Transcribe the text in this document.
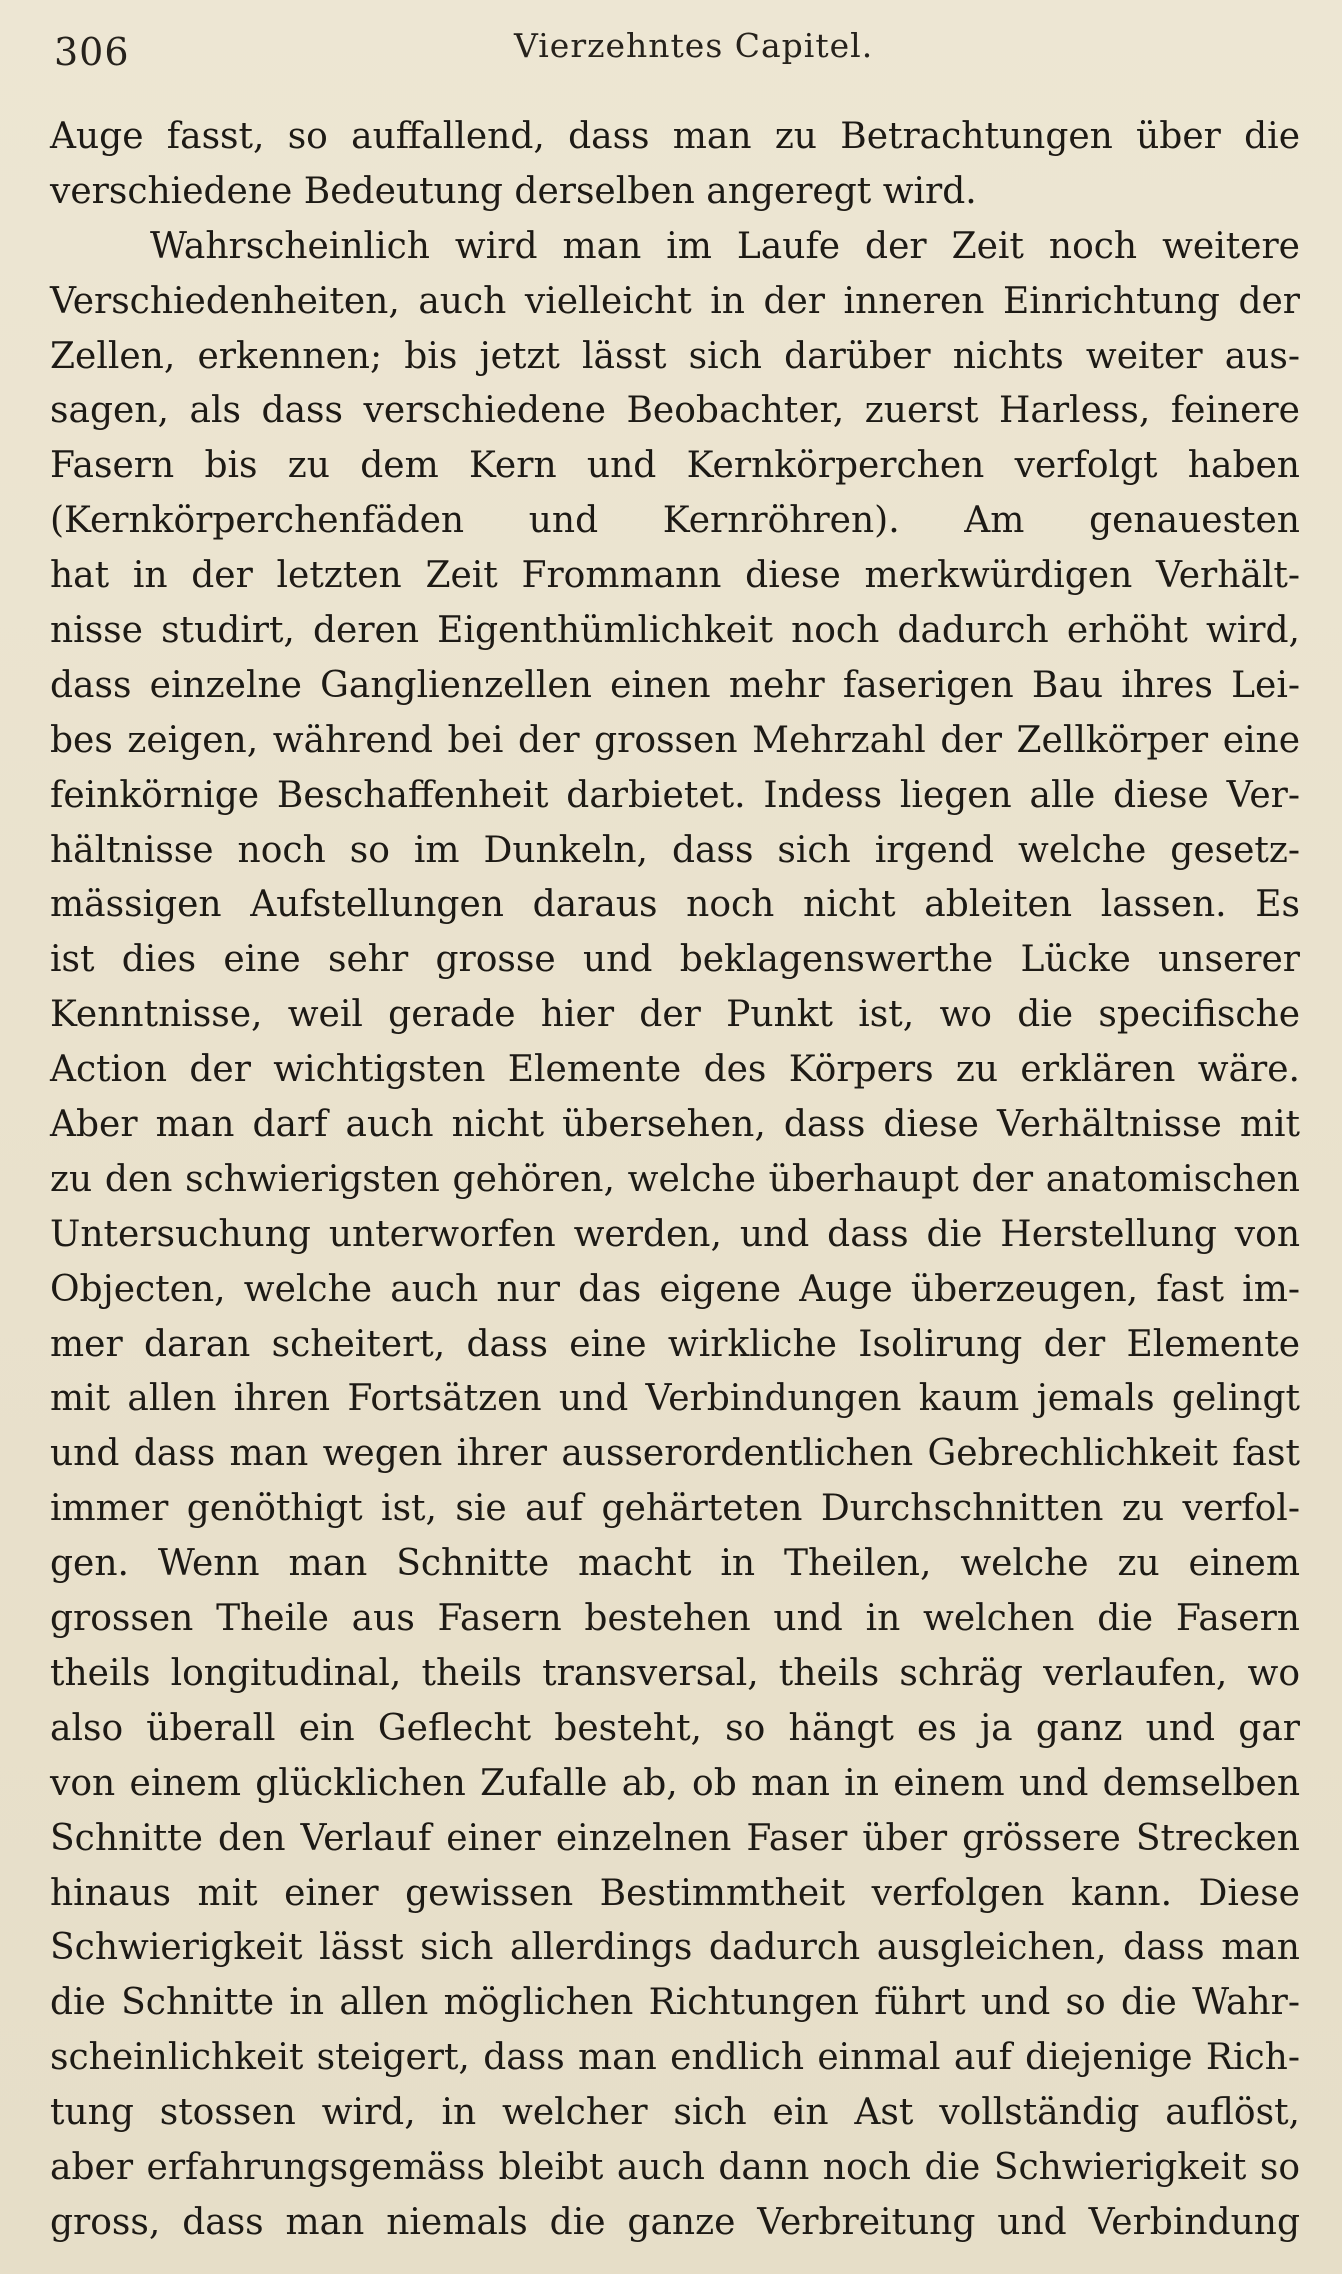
306	Vierzehntes Capitel.
Auge fasst, so auffallend, dass man zu Betrachtungen über die
verschiedene Bedeutung derselben angeregt wird.
Wahrscheinlich wird man im Laufe der Zeit noch weitere
Verschiedenheiten, auch vielleicht in der inneren Einrichtung der
Zellen, erkennen; bis jetzt lässt sich darüber nichts weiter aus-
sagen, als dass verschiedene Beobachter, zuerst Harless, feinere
Fasern bis zu dem Kern und Kernkörperchen verfolgt haben
(Kernkörperchenfäden und Kernröhren). Am genauesten
hat in der letzten Zeit Frommann diese merkwürdigen Verhält-
nisse studirt, deren Eigenthümlichkeit noch dadurch erhöht wird,
dass einzelne Ganglienzellen einen mehr faserigen Bau ihres Lei-
bes zeigen, während bei der grossen Mehrzahl der Zellkörper eine
feinkörnige Beschaffenheit darbietet. Indess liegen alle diese Ver-
hältnisse noch so im Dunkeln, dass sich irgend welche gesetz-
mässigen Aufstellungen daraus noch nicht ableiten lassen. Es
ist dies eine sehr grosse und beklagenswerthe Lücke unserer
Kenntnisse, weil gerade hier der Punkt ist, wo die specifische
Action der wichtigsten Elemente des Körpers zu erklären wäre.
Aber man darf auch nicht übersehen, dass diese Verhältnisse mit
zu den schwierigsten gehören, welche überhaupt der anatomischen
Untersuchung unterworfen werden, und dass die Herstellung von
Objecten, welche auch nur das eigene Auge überzeugen, fast im-
mer daran scheitert, dass eine wirkliche Isolirung der Elemente
mit allen ihren Fortsätzen und Verbindungen kaum jemals gelingt
und dass man wegen ihrer ausserordentlichen Gebrechlichkeit fast
immer genöthigt ist, sie auf gehärteten Durchschnitten zu verfol-
gen. Wenn man Schnitte macht in Theilen, welche zu einem
grossen Theile aus Fasern bestehen und in welchen die Fasern
theils longitudinal, theils transversal, theils schräg verlaufen, wo
also überall ein Geflecht besteht, so hängt es ja ganz und gar
von einem glücklichen Zufalle ab, ob man in einem und demselben
Schnitte den Verlauf einer einzelnen Faser über grössere Strecken
hinaus mit einer gewissen Bestimmtheit verfolgen kann. Diese
Schwierigkeit lässt sich allerdings dadurch ausgleichen, dass man
die Schnitte in allen möglichen Richtungen führt und so die Wahr-
scheinlichkeit steigert, dass man endlich einmal auf diejenige Rich-
tung stossen wird, in welcher sich ein Ast vollständig auflöst,
aber erfahrungsgemäss bleibt auch dann noch die Schwierigkeit so
gross, dass man niemals die ganze Verbreitung und Verbindung
